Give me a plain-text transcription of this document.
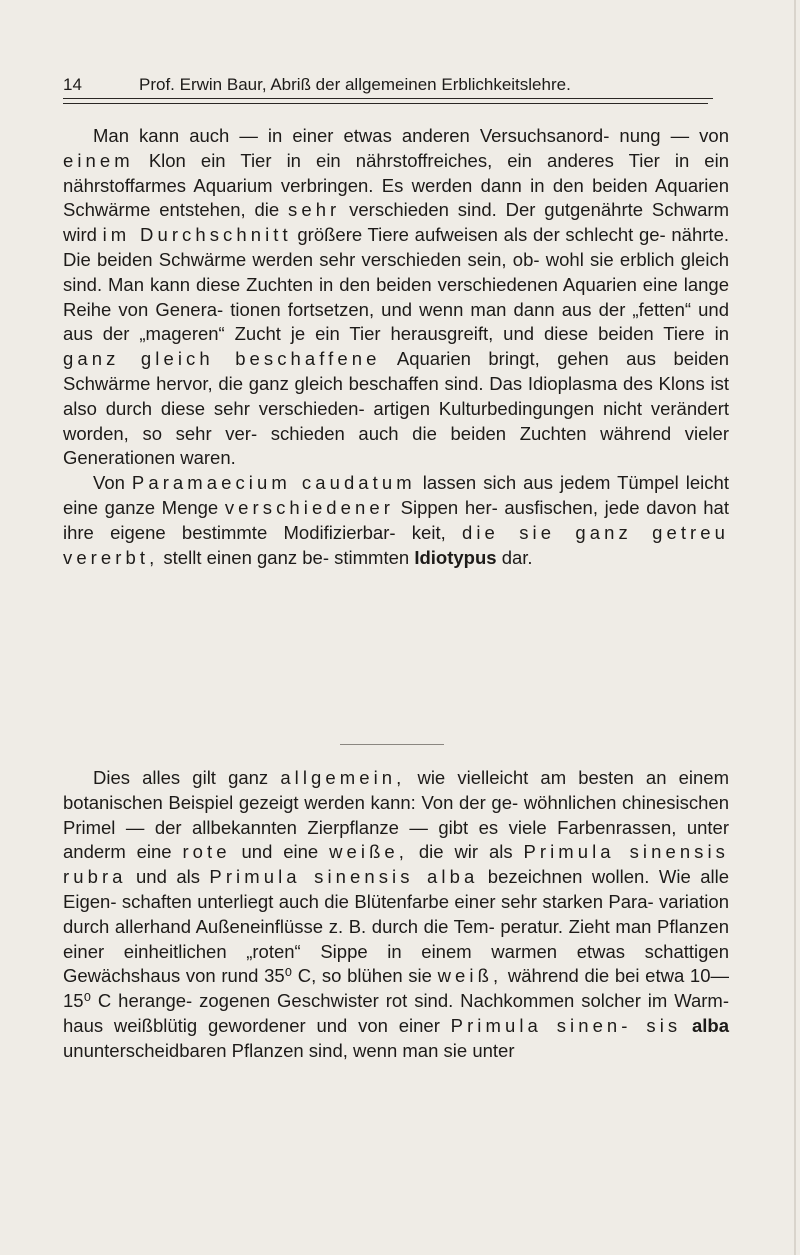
14	Prof. Erwin Baur, Abriß der allgemeinen Erblichkeitslehre.

Man kann auch — in einer etwas anderen Versuchsanord- nung — von einem Klon ein Tier in ein nährstoffreiches, ein anderes Tier in ein nährstoffarmes Aquarium verbringen. Es werden dann in den beiden Aquarien Schwärme entstehen, die sehr verschieden sind. Der gutgenährte Schwarm wird im Durchschnitt größere Tiere aufweisen als der schlecht ge- nährte. Die beiden Schwärme werden sehr verschieden sein, ob- wohl sie erblich gleich sind. Man kann diese Zuchten in den beiden verschiedenen Aquarien eine lange Reihe von Genera- tionen fortsetzen, und wenn man dann aus der „fetten“ und aus der „mageren“ Zucht je ein Tier herausgreift, und diese beiden Tiere in ganz gleich beschaffene Aquarien bringt, gehen aus beiden Schwärme hervor, die ganz gleich beschaffen sind. Das Idioplasma des Klons ist also durch diese sehr verschieden- artigen Kulturbedingungen nicht verändert worden, so sehr ver- schieden auch die beiden Zuchten während vieler Generationen waren.

Von Paramaecium caudatum lassen sich aus jedem Tümpel leicht eine ganze Menge verschiedener Sippen her- ausfischen, jede davon hat ihre eigene bestimmte Modifizierbar- keit, die sie ganz getreu vererbt, stellt einen ganz be- stimmten Idiotypus dar.

Dies alles gilt ganz allgemein, wie vielleicht am besten an einem botanischen Beispiel gezeigt werden kann: Von der ge- wöhnlichen chinesischen Primel — der allbekannten Zierpflanze — gibt es viele Farbenrassen, unter anderm eine rote und eine weiße, die wir als Primula sinensis rubra und als Primula sinensis alba bezeichnen wollen. Wie alle Eigen- schaften unterliegt auch die Blütenfarbe einer sehr starken Para- variation durch allerhand Außeneinflüsse z. B. durch die Tem- peratur. Zieht man Pflanzen einer einheitlichen „roten“ Sippe in einem warmen etwas schattigen Gewächshaus von rund 35⁰ C, so blühen sie weiß, während die bei etwa 10—15⁰ C herange- zogenen Geschwister rot sind. Nachkommen solcher im Warm- haus weißblütig gewordener und von einer Primula sinen- sis alba ununterscheidbaren Pflanzen sind, wenn man sie unter
